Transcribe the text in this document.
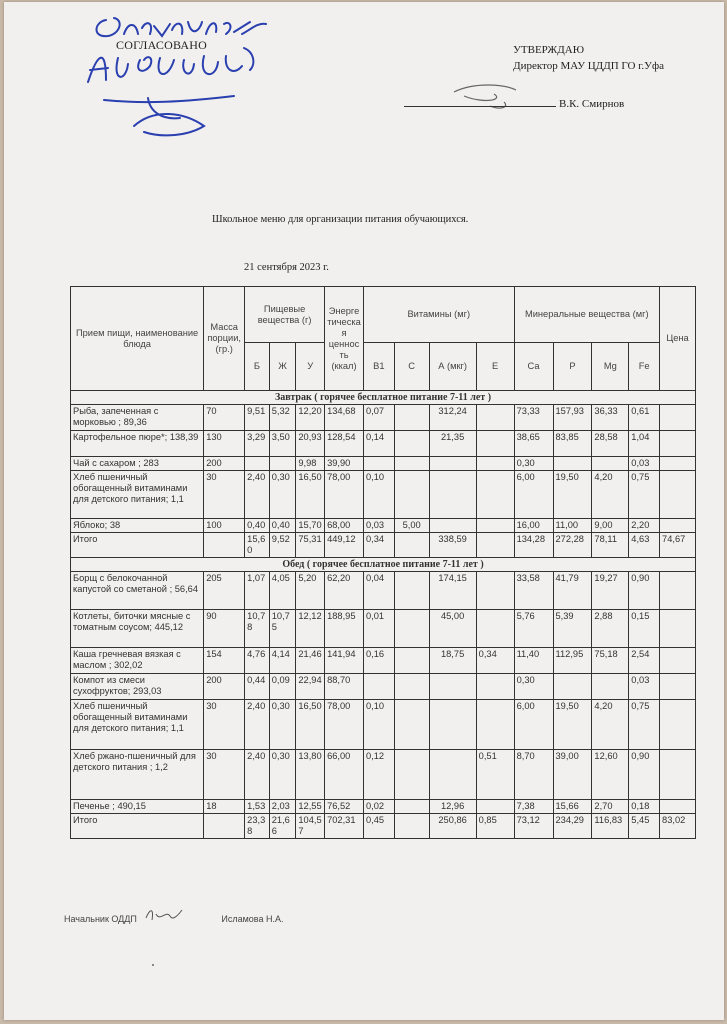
СОГЛАСОВАНО	УТВЕРЖДАЮ
Директор МАУ ЦДДП ГО г.Уфа
В.К. Смирнов
Школьное меню для организации питания обучающихся.
21 сентября 2023 г.
Прием пищи, наименование блюда	Масса порции, (гр.)	Пищевые вещества (г)			Энергетическая ценность (ккал)	Витамины (мг)				Минеральные вещества (мг)				Цена
		Б	Ж	У		B1	C	А (мкг)	Е	Са	Р	Mg	Fe	
Завтрак ( горячее бесплатное питание 7-11 лет )														
Рыба, запеченная с морковью ; 89,36	70	9,51	5,32	12,20	134,68	0,07		312,24		73,33	157,93	36,33	0,61	
Картофельное пюре*; 138,39	130	3,29	3,50	20,93	128,54	0,14		21,35		38,65	83,85	28,58	1,04	
Чай с сахаром ; 283	200			9,98	39,90					0,30			0,03	
Хлеб пшеничный обогащенный витаминами для детского питания; 1,1	30	2,40	0,30	16,50	78,00	0,10				6,00	19,50	4,20	0,75	
Яблоко; 38	100	0,40	0,40	15,70	68,00	0,03	5,00			16,00	11,00	9,00	2,20	
Итого		15,60	9,52	75,31	449,12	0,34		338,59		134,28	272,28	78,11	4,63	74,67
Обед ( горячее бесплатное питание 7-11 лет )														
Борщ с белокочанной капустой со сметаной ; 56,64	205	1,07	4,05	5,20	62,20	0,04		174,15		33,58	41,79	19,27	0,90	
Котлеты, биточки мясные с томатным соусом; 445,12	90	10,78	10,75	12,12	188,95	0,01		45,00		5,76	5,39	2,88	0,15	
Каша гречневая вязкая с маслом ; 302,02	154	4,76	4,14	21,46	141,94	0,16		18,75	0,34	11,40	112,95	75,18	2,54	
Компот из смеси сухофруктов; 293,03	200	0,44	0,09	22,94	88,70					0,30			0,03	
Хлеб пшеничный обогащенный витаминами для детского питания; 1,1	30	2,40	0,30	16,50	78,00	0,10				6,00	19,50	4,20	0,75	
Хлеб ржано-пшеничный для детского питания ; 1,2	30	2,40	0,30	13,80	66,00	0,12			0,51	8,70	39,00	12,60	0,90	
Печенье ; 490,15	18	1,53	2,03	12,55	76,52	0,02		12,96		7,38	15,66	2,70	0,18	
Итого		23,38	21,66	104,57	702,31	0,45		250,86	0,85	73,12	234,29	116,83	5,45	83,02
Начальник ОДДП	Исламова Н.А.
